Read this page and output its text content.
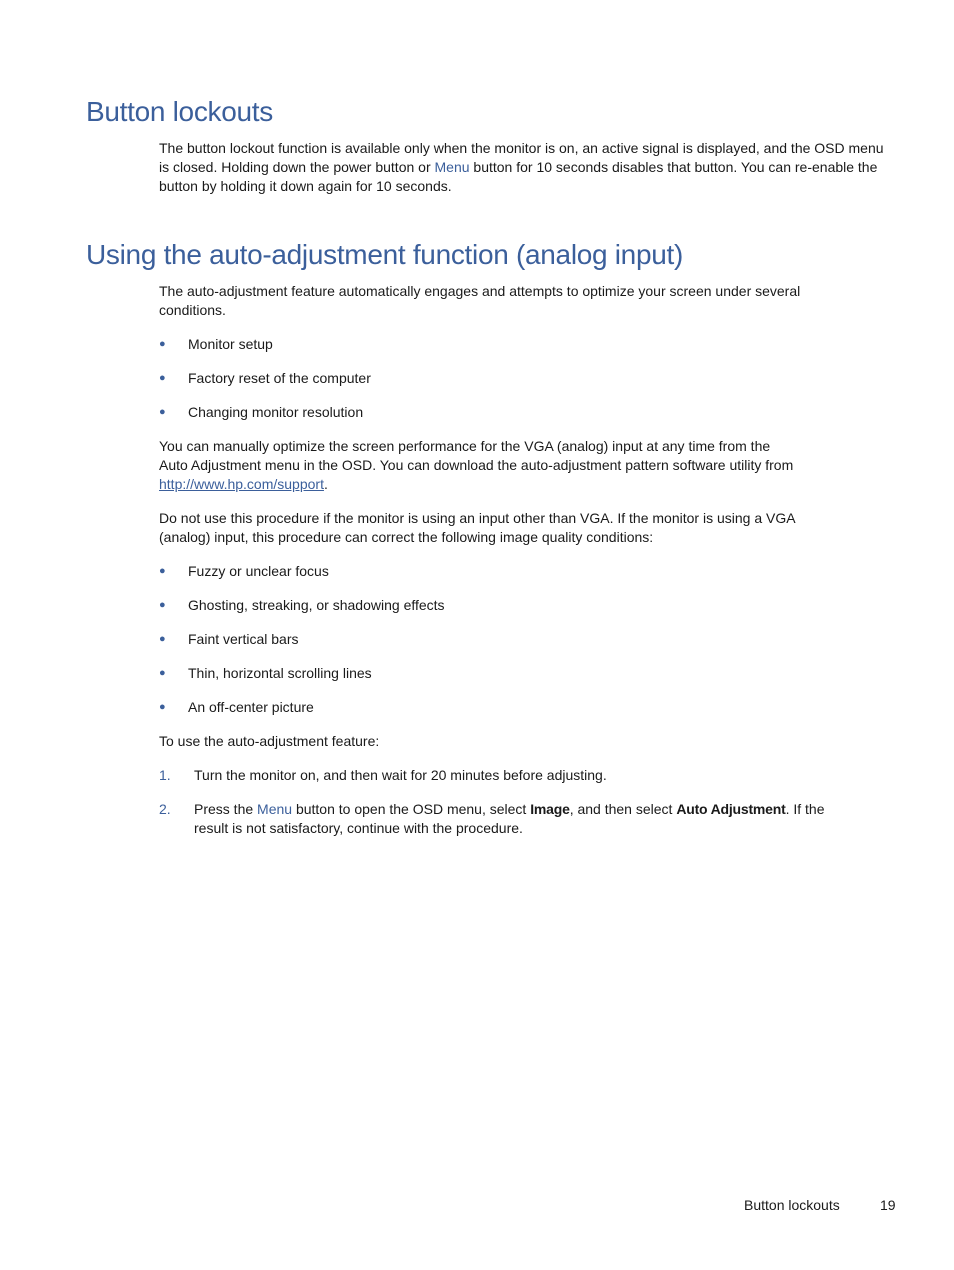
Button lockouts

The button lockout function is available only when the monitor is on, an active signal is displayed, and the OSD menu is closed. Holding down the power button or Menu button for 10 seconds disables that button. You can re-enable the button by holding it down again for 10 seconds.

Using the auto-adjustment function (analog input)

The auto-adjustment feature automatically engages and attempts to optimize your screen under several conditions.

●	Monitor setup
●	Factory reset of the computer
●	Changing monitor resolution

You can manually optimize the screen performance for the VGA (analog) input at any time from the
Auto Adjustment menu in the OSD. You can download the auto-adjustment pattern software utility from
http://www.hp.com/support.

Do not use this procedure if the monitor is using an input other than VGA. If the monitor is using a VGA (analog) input, this procedure can correct the following image quality conditions:

●	Fuzzy or unclear focus
●	Ghosting, streaking, or shadowing effects
●	Faint vertical bars
●	Thin, horizontal scrolling lines
●	An off-center picture

To use the auto-adjustment feature:

1. Turn the monitor on, and then wait for 20 minutes before adjusting.
2. Press the Menu button to open the OSD menu, select Image, and then select Auto Adjustment. If the result is not satisfactory, continue with the procedure.
Button lockouts	19
